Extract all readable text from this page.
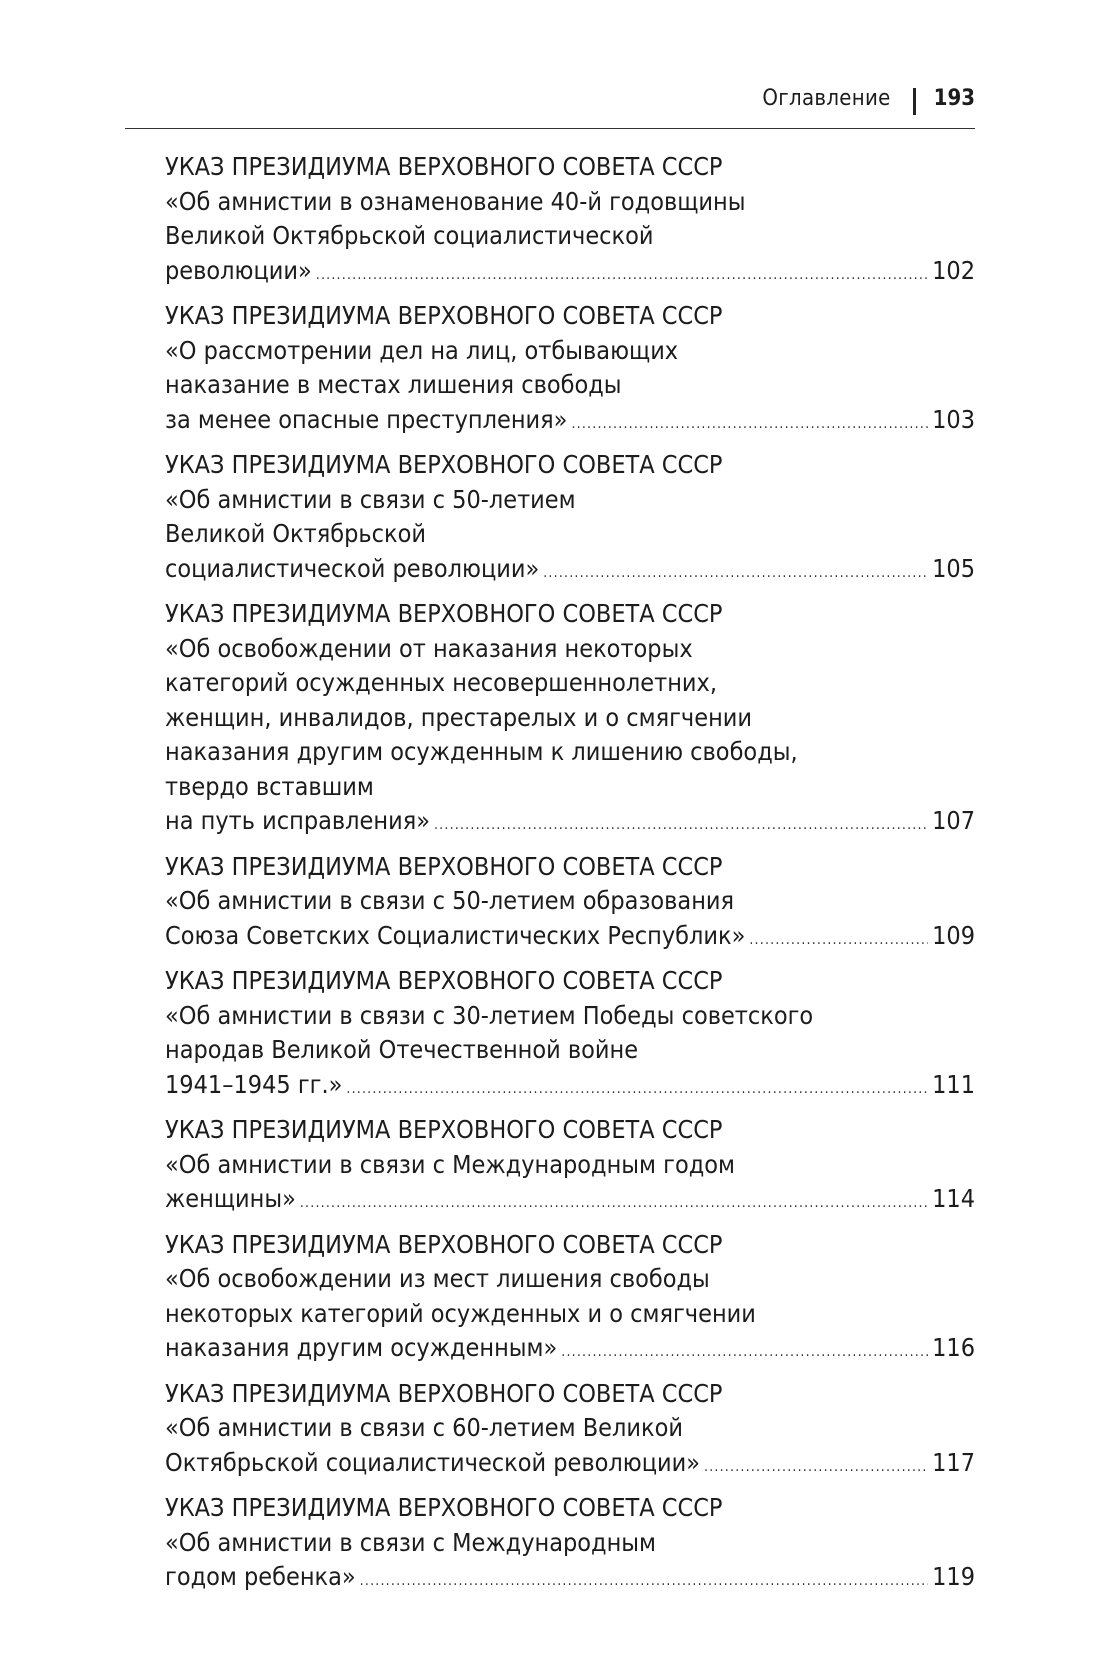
Оглавление 193
УКАЗ ПРЕЗИДИУМА ВЕРХОВНОГО СОВЕТА СССР
«Об амнистии в ознаменование 40-й годовщины
Великой Октябрьской социалистической
революции» .....	102
УКАЗ ПРЕЗИДИУМА ВЕРХОВНОГО СОВЕТА СССР
«О рассмотрении дел на лиц, отбывающих
наказание в местах лишения свободы
за менее опасные преступления» .....	103
УКАЗ ПРЕЗИДИУМА ВЕРХОВНОГО СОВЕТА СССР
«Об амнистии в связи с 50-летием
Великой Октябрьской
социалистической революции» .....	105
УКАЗ ПРЕЗИДИУМА ВЕРХОВНОГО СОВЕТА СССР
«Об освобождении от наказания некоторых
категорий осужденных несовершеннолетних,
женщин, инвалидов, престарелых и о смягчении
наказания другим осужденным к лишению свободы,
твердо вставшим
на путь исправления» .....	107
УКАЗ ПРЕЗИДИУМА ВЕРХОВНОГО СОВЕТА СССР
«Об амнистии в связи с 50-летием образования
Союза Советских Социалистических Республик» .....	109
УКАЗ ПРЕЗИДИУМА ВЕРХОВНОГО СОВЕТА СССР
«Об амнистии в связи с 30-летием Победы советского
народав Великой Отечественной войне
1941–1945 гг.» .....	111
УКАЗ ПРЕЗИДИУМА ВЕРХОВНОГО СОВЕТА СССР
«Об амнистии в связи с Международным годом
женщины» .....	114
УКАЗ ПРЕЗИДИУМА ВЕРХОВНОГО СОВЕТА СССР
«Об освобождении из мест лишения свободы
некоторых категорий осужденных и о смягчении
наказания другим осужденным» .....	116
УКАЗ ПРЕЗИДИУМА ВЕРХОВНОГО СОВЕТА СССР
«Об амнистии в связи с 60-летием Великой
Октябрьской социалистической революции» .....	117
УКАЗ ПРЕЗИДИУМА ВЕРХОВНОГО СОВЕТА СССР
«Об амнистии в связи с Международным
годом ребенка» .....	119
